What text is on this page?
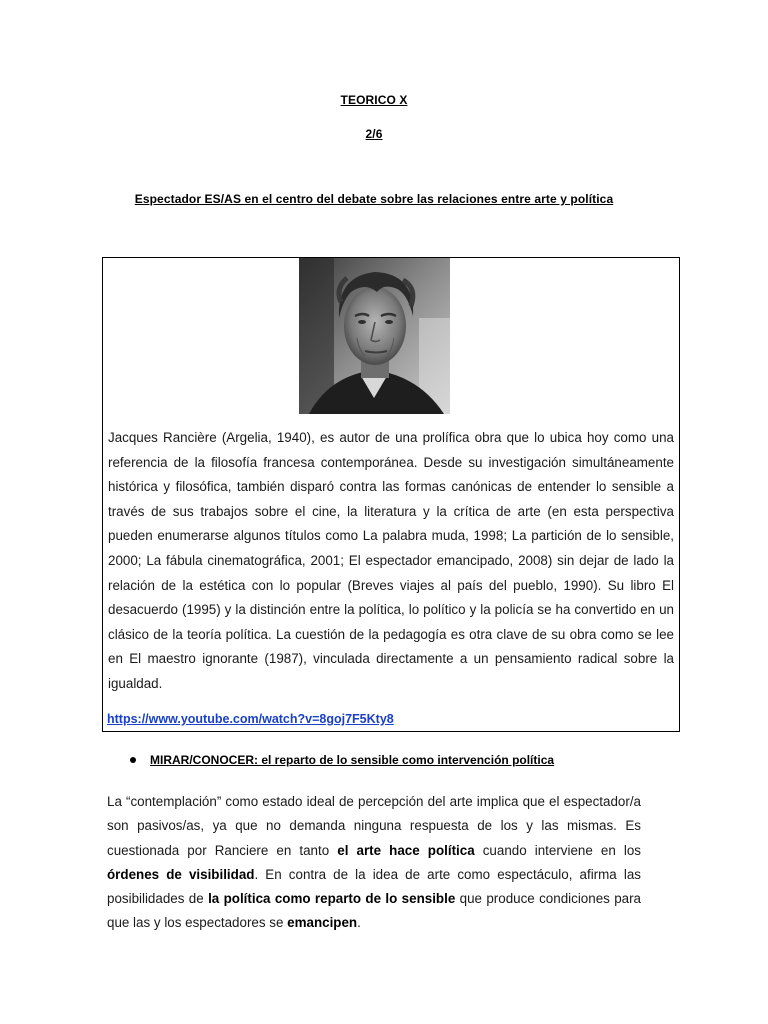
TEORICO X
2/6
Espectador ES/AS en el centro del debate sobre las relaciones entre arte y política
Jacques Rancière (Argelia, 1940), es autor de una prolífica obra que lo ubica hoy como una referencia de la filosofía francesa contemporánea. Desde su investigación simultáneamente histórica y filosófica, también disparó contra las formas canónicas de entender lo sensible a través de sus trabajos sobre el cine, la literatura y la crítica de arte (en esta perspectiva pueden enumerarse algunos títulos como La palabra muda, 1998; La partición de lo sensible, 2000; La fábula cinematográfica, 2001; El espectador emancipado, 2008) sin dejar de lado la relación de la estética con lo popular (Breves viajes al país del pueblo, 1990). Su libro El desacuerdo (1995) y la distinción entre la política, lo político y la policía se ha convertido en un clásico de la teoría política. La cuestión de la pedagogía es otra clave de su obra como se lee en El maestro ignorante (1987), vinculada directamente a un pensamiento radical sobre la igualdad.
https://www.youtube.com/watch?v=8goj7F5Kty8
MIRAR/CONOCER: el reparto de lo sensible como intervención política
La “contemplación” como estado ideal de percepción del arte implica que el espectador/a son pasivos/as, ya que no demanda ninguna respuesta de los y las mismas. Es cuestionada por Ranciere en tanto el arte hace política cuando interviene en los órdenes de visibilidad. En contra de la idea de arte como espectáculo, afirma las posibilidades de la política como reparto de lo sensible que produce condiciones para que las y los espectadores se emancipen.
